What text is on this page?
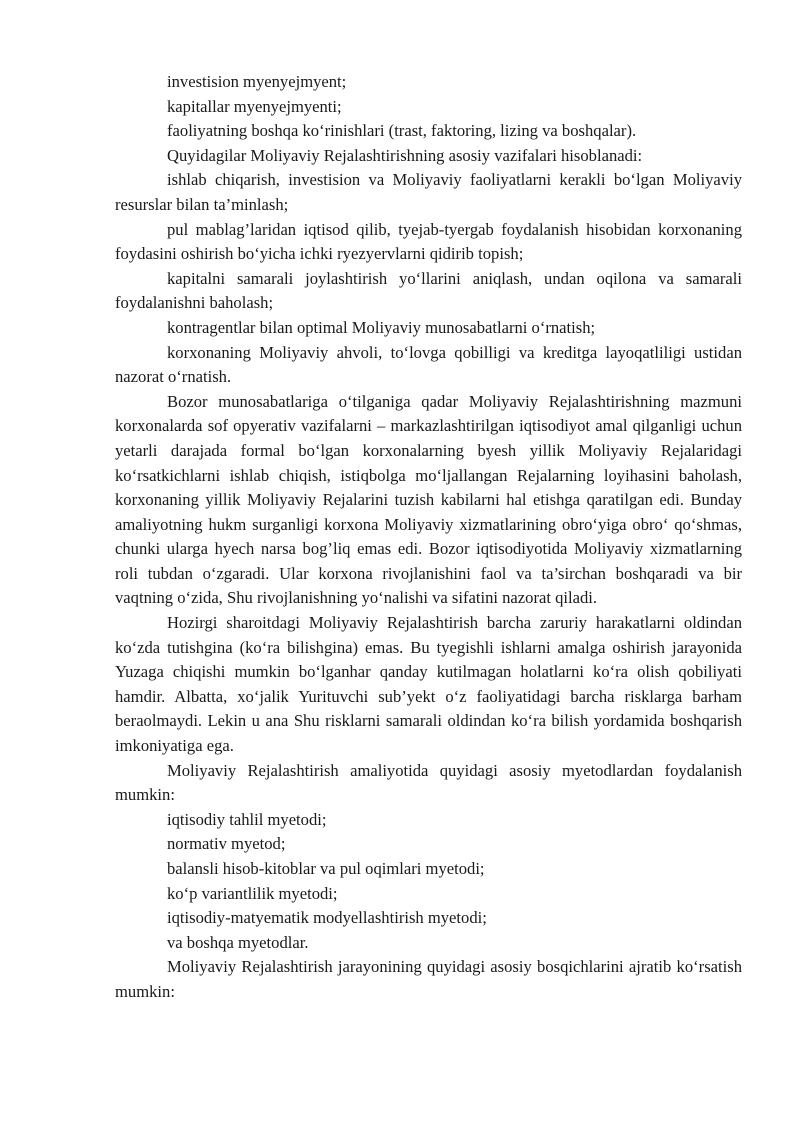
investision myenyejmyent;

kapitallar myenyejmyenti;

faoliyatning boshqa ko‘rinishlari (trast, faktoring, lizing va boshqalar).

Quyidagilar Moliyaviy Rejalashtirishning asosiy vazifalari hisoblanadi:

ishlab chiqarish, investision va Moliyaviy faoliyatlarni kerakli bo‘lgan Moliyaviy resurslar bilan ta’minlash;

pul mablag’laridan iqtisod qilib, tyejab-tyergab foydalanish hisobidan korxonaning foydasini oshirish bo‘yicha ichki ryezyervlarni qidirib topish;

kapitalni samarali joylashtirish yo‘llarini aniqlash, undan oqilona va samarali foydalanishni baholash;

kontragentlar bilan optimal Moliyaviy munosabatlarni o‘rnatish;

korxonaning Moliyaviy ahvoli, to‘lovga qobilligi va kreditga layoqatliligi ustidan nazorat o‘rnatish.

Bozor munosabatlariga o‘tilganiga qadar Moliyaviy Rejalashtirishning mazmuni korxonalarda sof opyerativ vazifalarni – markazlashtirilgan iqtisodiyot amal qilganligi uchun yetarli darajada formal bo‘lgan korxonalarning byesh yillik Moliyaviy Rejalaridagi ko‘rsatkichlarni ishlab chiqish, istiqbolga mo‘ljallangan Rejalarning loyihasini baholash, korxonaning yillik Moliyaviy Rejalarini tuzish kabilarni hal etishga qaratilgan edi. Bunday amaliyotning hukm surganligi korxona Moliyaviy xizmatlarining obro‘yiga obro‘ qo‘shmas, chunki ularga hyech narsa bog’liq emas edi. Bozor iqtisodiyotida Moliyaviy xizmatlarning roli tubdan o‘zgaradi. Ular korxona rivojlanishini faol va ta’sirchan boshqaradi va bir vaqtning o‘zida, Shu rivojlanishning yo‘nalishi va sifatini nazorat qiladi.

Hozirgi sharoitdagi Moliyaviy Rejalashtirish barcha zaruriy harakatlarni oldindan ko‘zda tutishgina (ko‘ra bilishgina) emas. Bu tyegishli ishlarni amalga oshirish jarayonida Yuzaga chiqishi mumkin bo‘lganhar qanday kutilmagan holatlarni ko‘ra olish qobiliyati hamdir. Albatta, xo‘jalik Yurituvchi sub’yekt o‘z faoliyatidagi barcha risklarga barham beraolmaydi. Lekin u ana Shu risklarni samarali oldindan ko‘ra bilish yordamida boshqarish imkoniyatiga ega.

Moliyaviy Rejalashtirish amaliyotida quyidagi asosiy myetodlardan foydalanish mumkin:

iqtisodiy tahlil myetodi;

normativ myetod;

balansli hisob-kitoblar va pul oqimlari myetodi;

ko‘p variantlilik myetodi;

iqtisodiy-matyematik modyellashtirish myetodi;

va boshqa myetodlar.

Moliyaviy Rejalashtirish jarayonining quyidagi asosiy bosqichlarini ajratib ko‘rsatish mumkin:
